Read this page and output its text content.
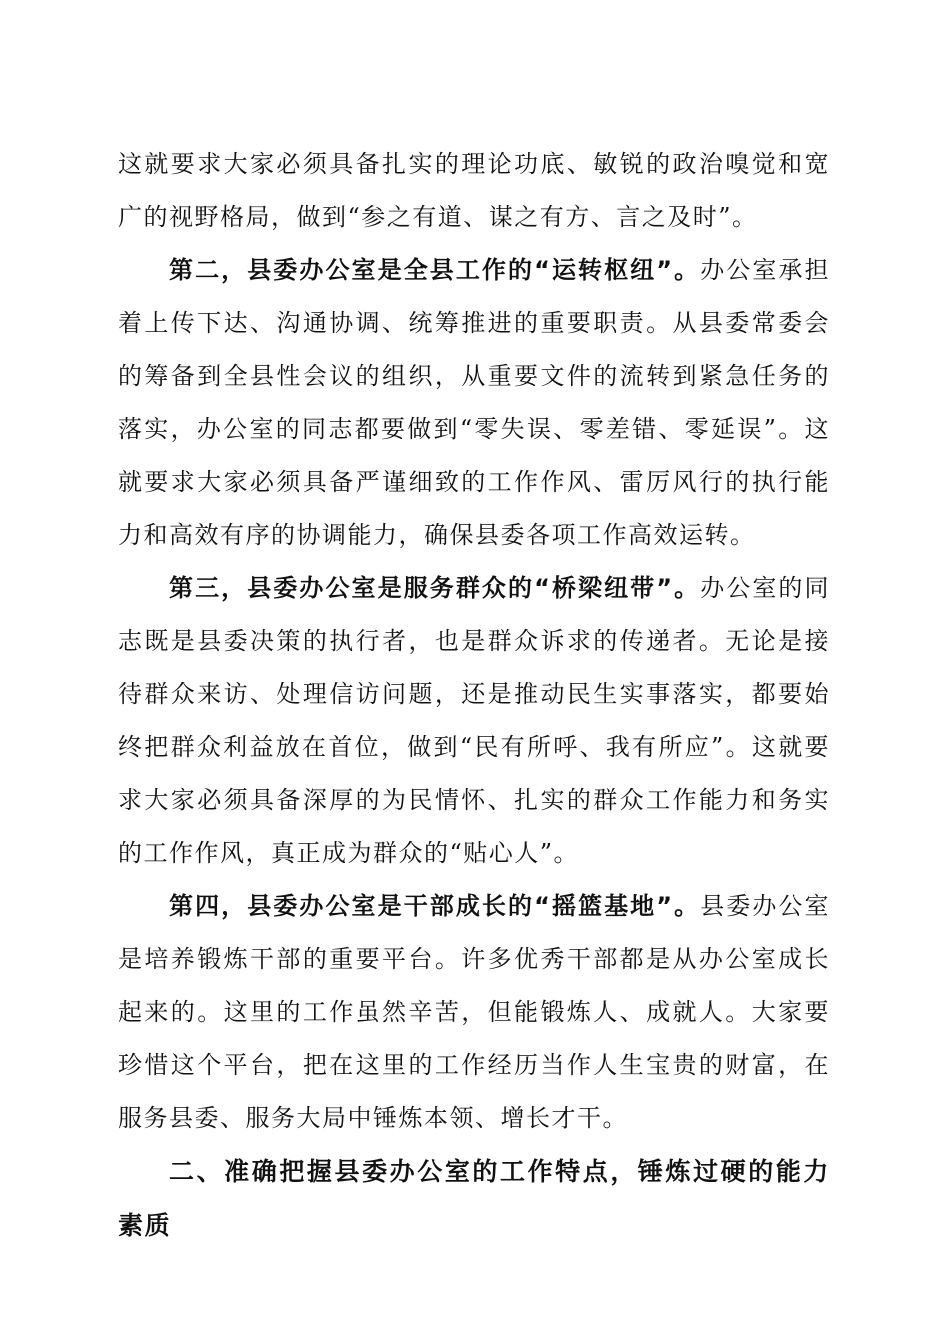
这就要求大家必须具备扎实的理论功底、敏锐的政治嗅觉和宽广的视野格局，做到“参之有道、谋之有方、言之及时”。

第二，县委办公室是全县工作的“运转枢纽”。办公室承担着上传下达、沟通协调、统筹推进的重要职责。从县委常委会的筹备到全县性会议的组织，从重要文件的流转到紧急任务的落实，办公室的同志都要做到“零失误、零差错、零延误”。这就要求大家必须具备严谨细致的工作作风、雷厉风行的执行能力和高效有序的协调能力，确保县委各项工作高效运转。

第三，县委办公室是服务群众的“桥梁纽带”。办公室的同志既是县委决策的执行者，也是群众诉求的传递者。无论是接待群众来访、处理信访问题，还是推动民生实事落实，都要始终把群众利益放在首位，做到“民有所呼、我有所应”。这就要求大家必须具备深厚的为民情怀、扎实的群众工作能力和务实的工作作风，真正成为群众的“贴心人”。

第四，县委办公室是干部成长的“摇篮基地”。县委办公室是培养锻炼干部的重要平台。许多优秀干部都是从办公室成长起来的。这里的工作虽然辛苦，但能锻炼人、成就人。大家要珍惜这个平台，把在这里的工作经历当作人生宝贵的财富，在服务县委、服务大局中锤炼本领、增长才干。

二、准确把握县委办公室的工作特点，锤炼过硬的能力素质
